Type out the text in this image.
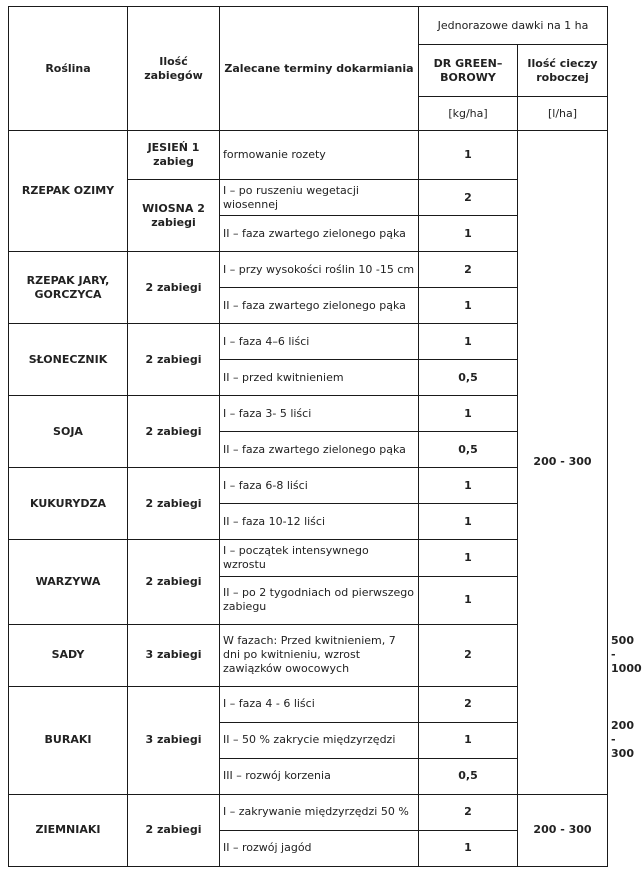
Roślina	Ilość zabiegów	Zalecane terminy dokarmiania	Jednorazowe dawki na 1 ha		
			DR GREEN–BOROWY	Ilość cieczy roboczej	
			[kg/ha]	[l/ha]	
RZEPAK OZIMY	JESIEŃ 1 zabieg	formowanie rozety	1	200 - 300	
	WIOSNA 2 zabiegi	I – po ruszeniu wegetacji wiosennej	2		
		II – faza zwartego zielonego pąka	1		
RZEPAK JARY, GORCZYCA	2 zabiegi	I – przy wysokości roślin 10 -15 cm	2		
		II – faza zwartego zielonego pąka	1		
SŁONECZNIK	2 zabiegi	I – faza 4–6 liści	1		
		II – przed kwitnieniem	0,5		
SOJA	2 zabiegi	I – faza 3- 5 liści	1		
		II – faza zwartego zielonego pąka	0,5		
KUKURYDZA	2 zabiegi	I – faza 6-8 liści	1		
		II – faza 10-12 liści	1		
WARZYWA	2 zabiegi	I – początek intensywnego wzrostu	1		
		II – po 2 tygodniach od pierwszego zabiegu	1		
SADY	3 zabiegi	W fazach: Przed kwitnieniem, 7 dni po kwitnieniu, wzrost zawiązków owocowych	2		500 - 1000
BURAKI	3 zabiegi	I – faza 4 - 6 liści	2		200 - 300
		II – 50 % zakrycie międzyrzędzi	1		
		III – rozwój korzenia	0,5		
ZIEMNIAKI	2 zabiegi	I – zakrywanie międzyrzędzi 50 %	2	200 - 300	
		II – rozwój jagód	1		
